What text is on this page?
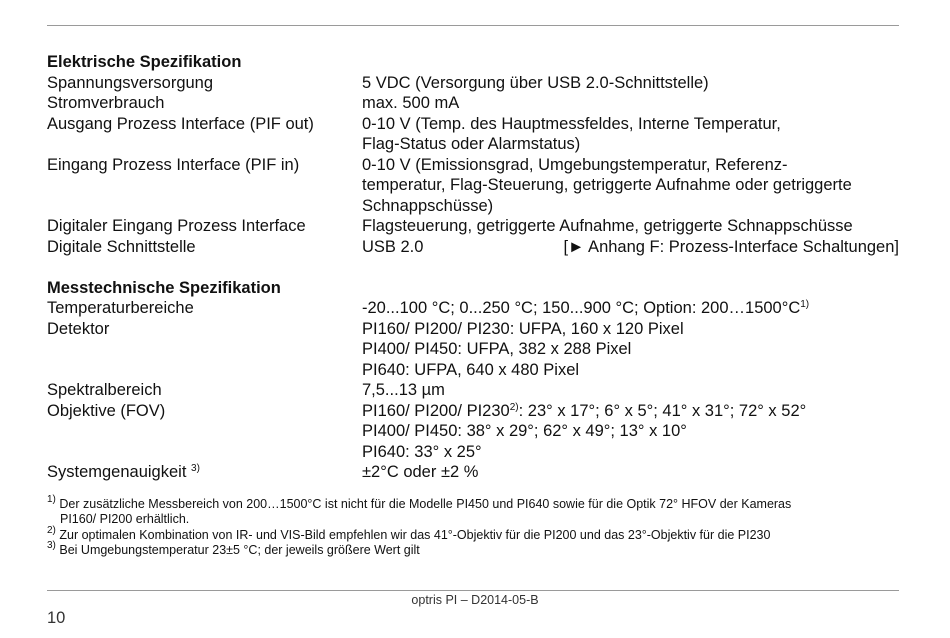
Elektrische Spezifikation
Spannungsversorgung	5 VDC (Versorgung über USB 2.0-Schnittstelle)
Stromverbrauch	max. 500 mA
Ausgang Prozess Interface (PIF out)	0-10 V (Temp. des Hauptmessfeldes, Interne Temperatur,
Flag-Status oder Alarmstatus)
Eingang Prozess Interface (PIF in)	0-10 V (Emissionsgrad, Umgebungstemperatur, Referenz-
temperatur, Flag-Steuerung, getriggerte Aufnahme oder getriggerte
Schnappschüsse)
Digitaler Eingang Prozess Interface	Flagsteuerung, getriggerte Aufnahme, getriggerte Schnappschüsse
Digitale Schnittstelle	USB 2.0	[► Anhang F: Prozess-Interface Schaltungen]
Messtechnische Spezifikation
Temperaturbereiche	-20...100 °C; 0...250 °C; 150...900 °C; Option: $200\dots 1500^\circ C^{1)}$
Detektor	PI160/ PI200/ PI230: UFPA, 160 x 120 Pixel
PI400/ PI450: UFPA, 382 x 288 Pixel
PI640: UFPA, 640 x 480 Pixel
Spektralbereich	7,5...13 µm
Objektive (FOV)	PI160/ PI200/ PI230$^{2)}$: 23° x 17°; 6° x 5°; 41° x 31°; 72° x 52°
PI400/ PI450: 38° x 29°; 62° x 49°; 13° x 10°
PI640: 33° x 25°
Systemgenauigkeit $^{3)}$	±2°C oder ±2 %
$^{1)}$ Der zusätzliche Messbereich von 200…1500°C ist nicht für die Modelle PI450 und PI640 sowie für die Optik 72° HFOV der Kameras
PI160/ PI200 erhältlich.
$^{2)}$ Zur optimalen Kombination von IR- und VIS-Bild empfehlen wir das 41°-Objektiv für die PI200 und das 23°-Objektiv für die PI230
$^{3)}$ Bei Umgebungstemperatur 23±5 °C; der jeweils größere Wert gilt
optris PI – D2014-05-B
10
